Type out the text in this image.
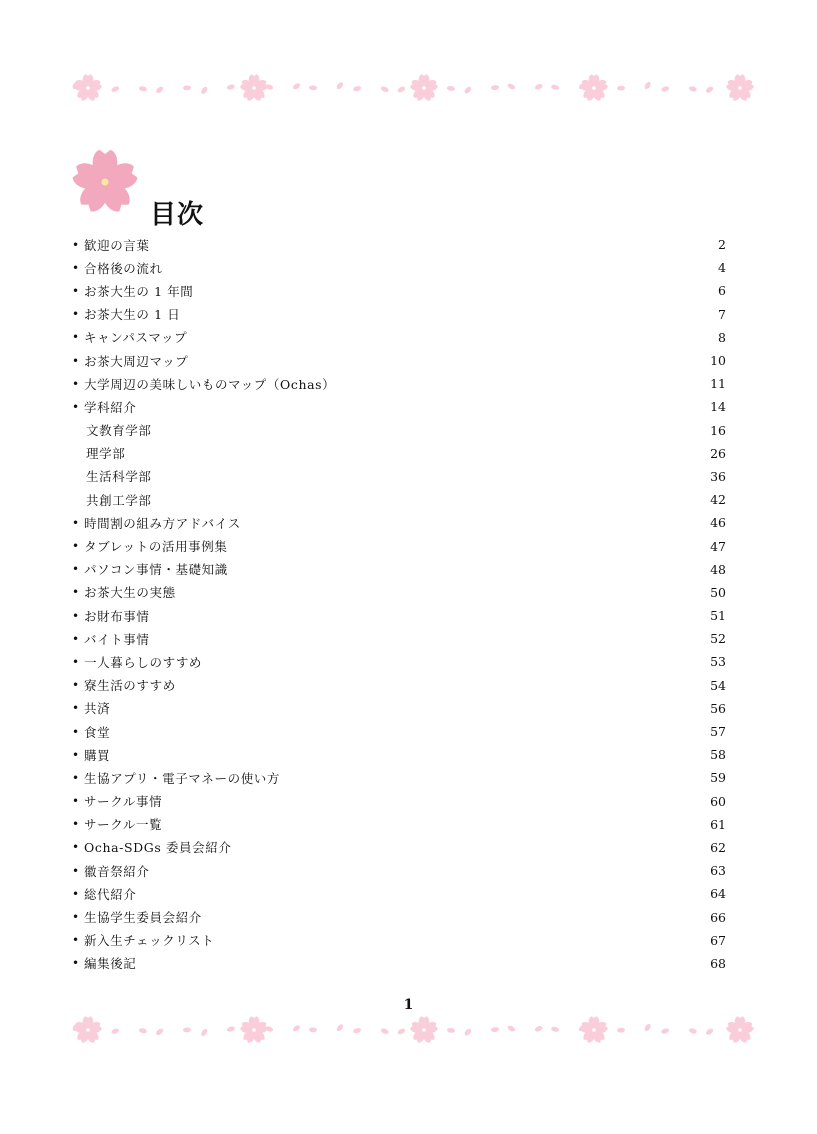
目次
• 歓迎の言葉	2
• 合格後の流れ	4
• お茶大生の 1 年間	6
• お茶大生の 1 日	7
• キャンパスマップ	8
• お茶大周辺マップ	10
• 大学周辺の美味しいものマップ（Ochas）	11
• 学科紹介	14
文教育学部	16
理学部	26
生活科学部	36
共創工学部	42
• 時間割の組み方アドバイス	46
• タブレットの活用事例集	47
• パソコン事情・基礎知識	48
• お茶大生の実態	50
• お財布事情	51
• バイト事情	52
• 一人暮らしのすすめ	53
• 寮生活のすすめ	54
• 共済	56
• 食堂	57
• 購買	58
• 生協アプリ・電子マネーの使い方	59
• サークル事情	60
• サークル一覧	61
• Ocha-SDGs 委員会紹介	62
• 徽音祭紹介	63
• 総代紹介	64
• 生協学生委員会紹介	66
• 新入生チェックリスト	67
• 編集後記	68
1
